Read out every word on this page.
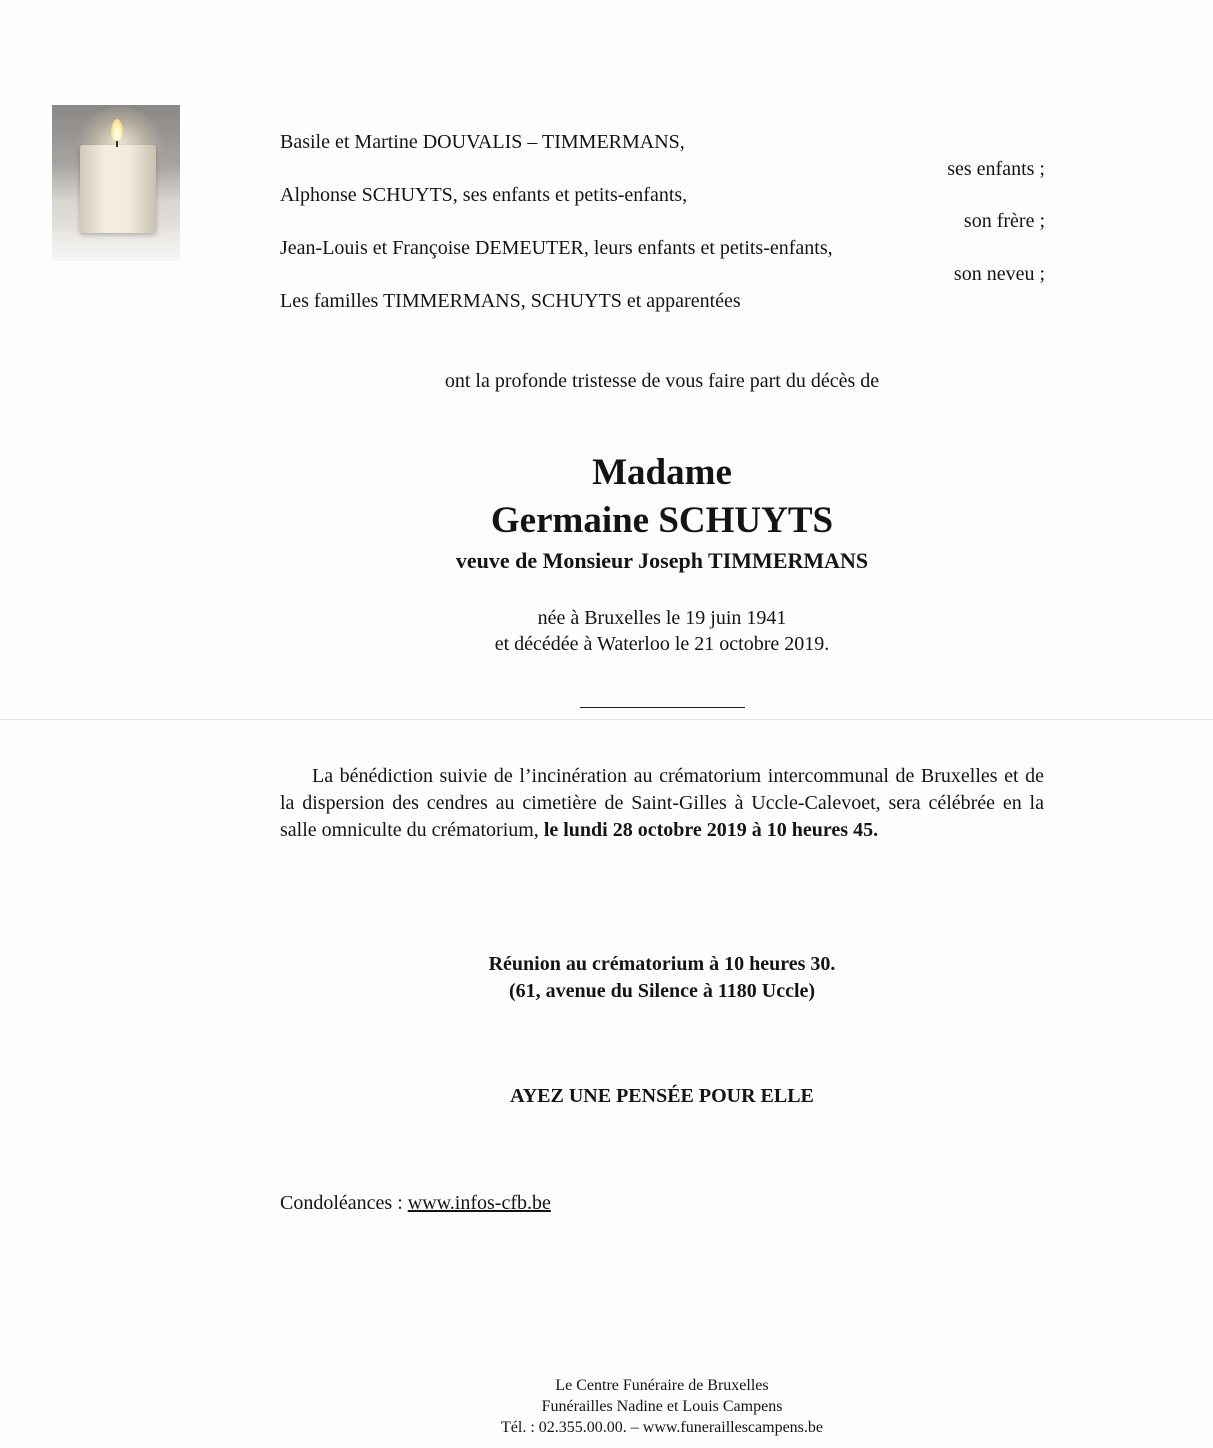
Basile et Martine DOUVALIS – TIMMERMANS,
ses enfants ;
Alphonse SCHUYTS, ses enfants et petits-enfants,
son frère ;
Jean-Louis et Françoise DEMEUTER, leurs enfants et petits-enfants,
son neveu ;
Les familles TIMMERMANS, SCHUYTS et apparentées
ont la profonde tristesse de vous faire part du décès de
Madame
Germaine SCHUYTS
veuve de Monsieur Joseph TIMMERMANS
née à Bruxelles le 19 juin 1941
et décédée à Waterloo le 21 octobre 2019.
La bénédiction suivie de l’incinération au crématorium intercommunal de Bruxelles et de la dispersion des cendres au cimetière de Saint-Gilles à Uccle-Calevoet, sera célébrée en la salle omniculte du crématorium, le lundi 28 octobre 2019 à 10 heures 45.
Réunion au crématorium à 10 heures 30.
(61, avenue du Silence à 1180 Uccle)
AYEZ UNE PENSÉE POUR ELLE
Condoléances : www.infos-cfb.be
Le Centre Funéraire de Bruxelles
Funérailles Nadine et Louis Campens
Tél. : 02.355.00.00. – www.funeraillescampens.be
